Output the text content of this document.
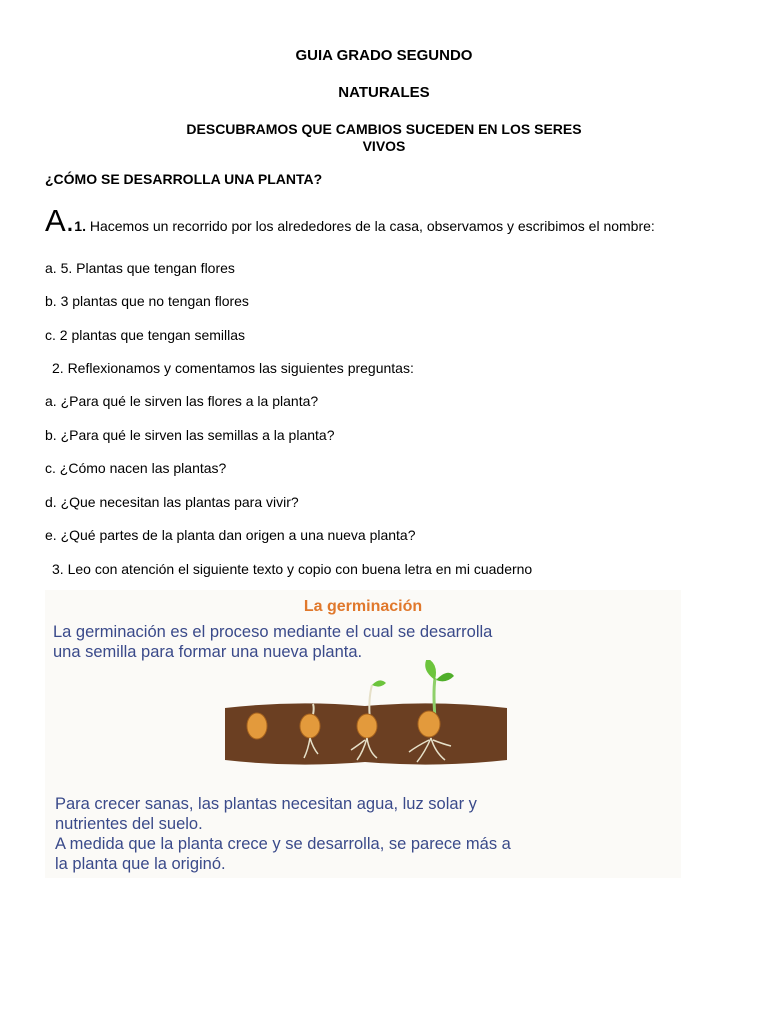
GUIA GRADO SEGUNDO
NATURALES
DESCUBRAMOS QUE CAMBIOS SUCEDEN EN LOS SERES
VIVOS
¿CÓMO SE DESARROLLA UNA PLANTA?
A.1. Hacemos un recorrido por los alrededores de la casa, observamos y escribimos el nombre:
a. 5. Plantas que tengan flores
b. 3 plantas que no tengan flores
c. 2 plantas que tengan semillas
2. Reflexionamos y comentamos las siguientes preguntas:
a. ¿Para qué le sirven las flores a la planta?
b. ¿Para qué le sirven las semillas a la planta?
c. ¿Cómo nacen las plantas?
d. ¿Que necesitan las plantas para vivir?
e. ¿Qué partes de la planta dan origen a una nueva planta?
3. Leo con atención el siguiente texto y copio con buena letra en mi cuaderno
La germinación
La germinación es el proceso mediante el cual se desarrolla
una semilla para formar una nueva planta.
Para crecer sanas, las plantas necesitan agua, luz solar y
nutrientes del suelo.
A medida que la planta crece y se desarrolla, se parece más a
la planta que la originó.
